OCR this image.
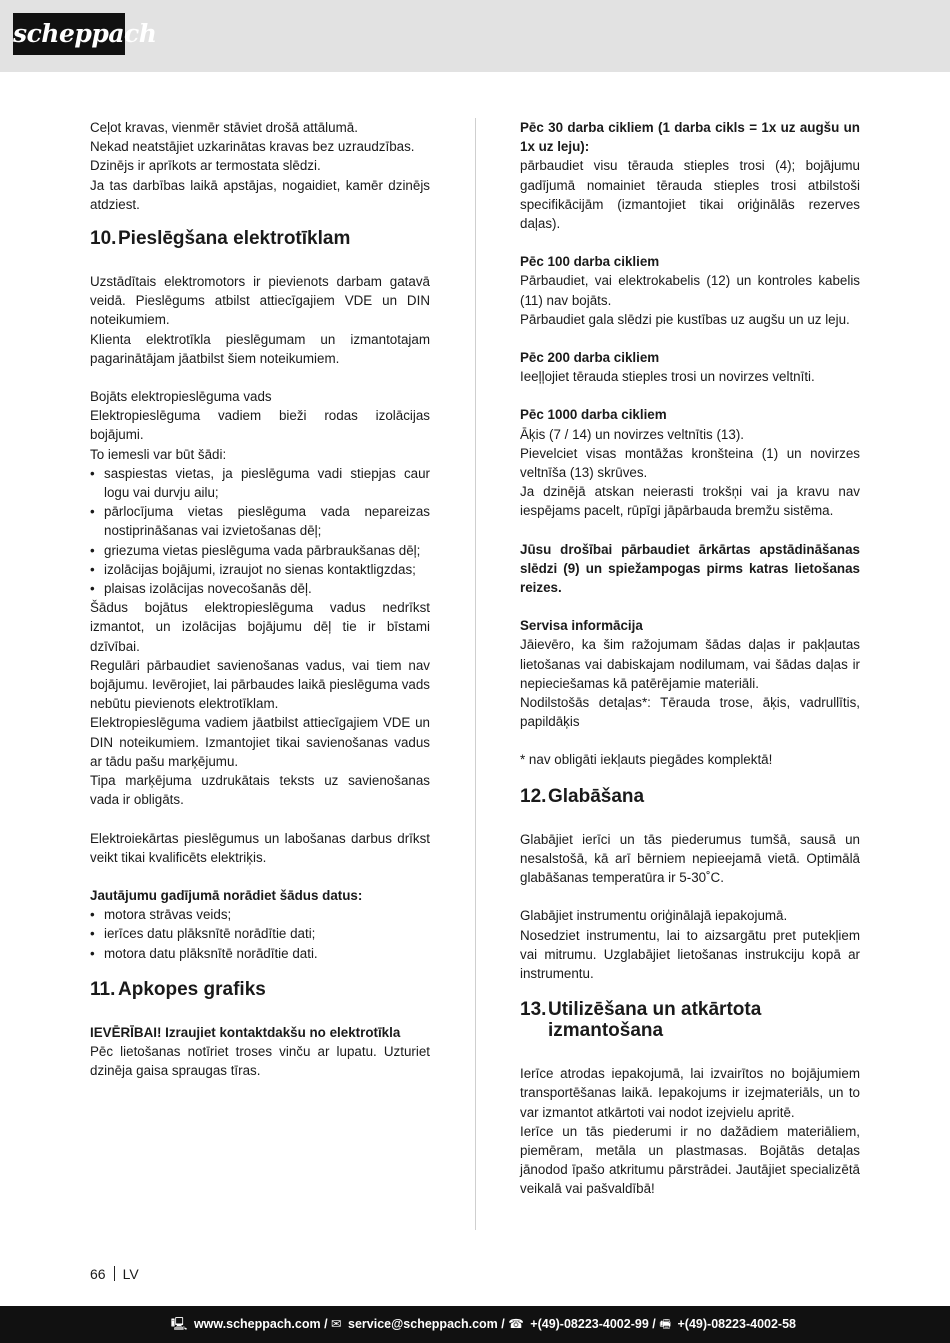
scheppach

Ceļot kravas, vienmēr stāviet drošā attālumā.

Nekad neatstājiet uzkarinātas kravas bez uzraudzības.

Dzinējs ir aprīkots ar termostata slēdzi.

Ja tas darbības laikā apstājas, nogaidiet, kamēr dzinējs atdziest.

10. Pieslēgšana elektrotīklam

Uzstādītais elektromotors ir pievienots darbam gatavā veidā. Pieslēgums atbilst attiecīgajiem VDE un DIN noteikumiem.

Klienta elektrotīkla pieslēgumam un izmantotajam pagarinātājam jāatbilst šiem noteikumiem.

Bojāts elektropieslēguma vads

Elektropieslēguma vadiem bieži rodas izolācijas bojājumi.

To iemesli var būt šādi:

• saspiestas vietas, ja pieslēguma vadi stiepjas caur logu vai durvju ailu;
• pārlocījuma vietas pieslēguma vada nepareizas nostiprināšanas vai izvietošanas dēļ;
• griezuma vietas pieslēguma vada pārbraukšanas dēļ;
• izolācijas bojājumi, izraujot no sienas kontaktligzdas;
• plaisas izolācijas novecošanās dēļ.

Šādus bojātus elektropieslēguma vadus nedrīkst izmantot, un izolācijas bojājumu dēļ tie ir bīstami dzīvībai.

Regulāri pārbaudiet savienošanas vadus, vai tiem nav bojājumu. Ievērojiet, lai pārbaudes laikā pieslēguma vads nebūtu pievienots elektrotīklam.

Elektropieslēguma vadiem jāatbilst attiecīgajiem VDE un DIN noteikumiem. Izmantojiet tikai savienošanas vadus ar tādu pašu marķējumu.

Tipa marķējuma uzdrukātais teksts uz savienošanas vada ir obligāts.

Elektroiekārtas pieslēgumus un labošanas darbus drīkst veikt tikai kvalificēts elektriķis.

Jautājumu gadījumā norādiet šādus datus:

• motora strāvas veids;
• ierīces datu plāksnītē norādītie dati;
• motora datu plāksnītē norādītie dati.
11. Apkopes grafiks

IEVĒRĪBAI! Izraujiet kontaktdakšu no elektrotīkla

Pēc lietošanas notīriet troses vinču ar lupatu. Uzturiet dzinēja gaisa spraugas tīras.

Pēc 30 darba cikliem (1 darba cikls = 1x uz augšu un 1x uz leju):

pārbaudiet visu tērauda stieples trosi (4); bojājumu gadījumā nomainiet tērauda stieples trosi atbilstoši specifikācijām (izmantojiet tikai oriģinālās rezerves daļas).

Pēc 100 darba cikliem

Pārbaudiet, vai elektrokabelis (12) un kontroles kabelis (11) nav bojāts.

Pārbaudiet gala slēdzi pie kustības uz augšu un uz leju.

Pēc 200 darba cikliem

Ieeļļojiet tērauda stieples trosi un novirzes veltnīti.

Pēc 1000 darba cikliem

Āķis (7 / 14) un novirzes veltnītis (13).

Pievelciet visas montāžas kronšteina (1) un novirzes veltnīša (13) skrūves.

Ja dzinējā atskan neierasti trokšņi vai ja kravu nav iespējams pacelt, rūpīgi jāpārbauda bremžu sistēma.

Jūsu drošībai pārbaudiet ārkārtas apstādināšanas slēdzi (9) un spiežampogas pirms katras lietošanas reizes.

Servisa informācija

Jāievēro, ka šim ražojumam šādas daļas ir pakļautas lietošanas vai dabiskajam nodilumam, vai šādas daļas ir nepieciešamas kā patērējamie materiāli.

Nodilstošās detaļas*: Tērauda trose, āķis, vadrullītis, papildāķis

* nav obligāti iekļauts piegādes komplektā!

12. Glabāšana

Glabājiet ierīci un tās piederumus tumšā, sausā un nesalstošā, kā arī bērniem nepieejamā vietā. Optimālā glabāšanas temperatūra ir 5-30˚C.

Glabājiet instrumentu oriģinālajā iepakojumā.

Nosedziet instrumentu, lai to aizsargātu pret putekļiem vai mitrumu. Uzglabājiet lietošanas instrukciju kopā ar instrumentu.

13. Utilizēšana un atkārtota
izmantošana

Ierīce atrodas iepakojumā, lai izvairītos no bojājumiem transportēšanas laikā. Iepakojums ir izejmateriāls, un to var izmantot atkārtoti vai nodot izejvielu apritē.

Ierīce un tās piederumi ir no dažādiem materiāliem, piemēram, metāla un plastmasas. Bojātās detaļas jānodod īpašo atkritumu pārstrādei. Jautājiet specializētā veikalā vai pašvaldībā!

66 LV
🖳 www.scheppach.com / ✉ service@scheppach.com / ☎ +(49)-08223-4002-99 / 🖷 +(49)-08223-4002-58
